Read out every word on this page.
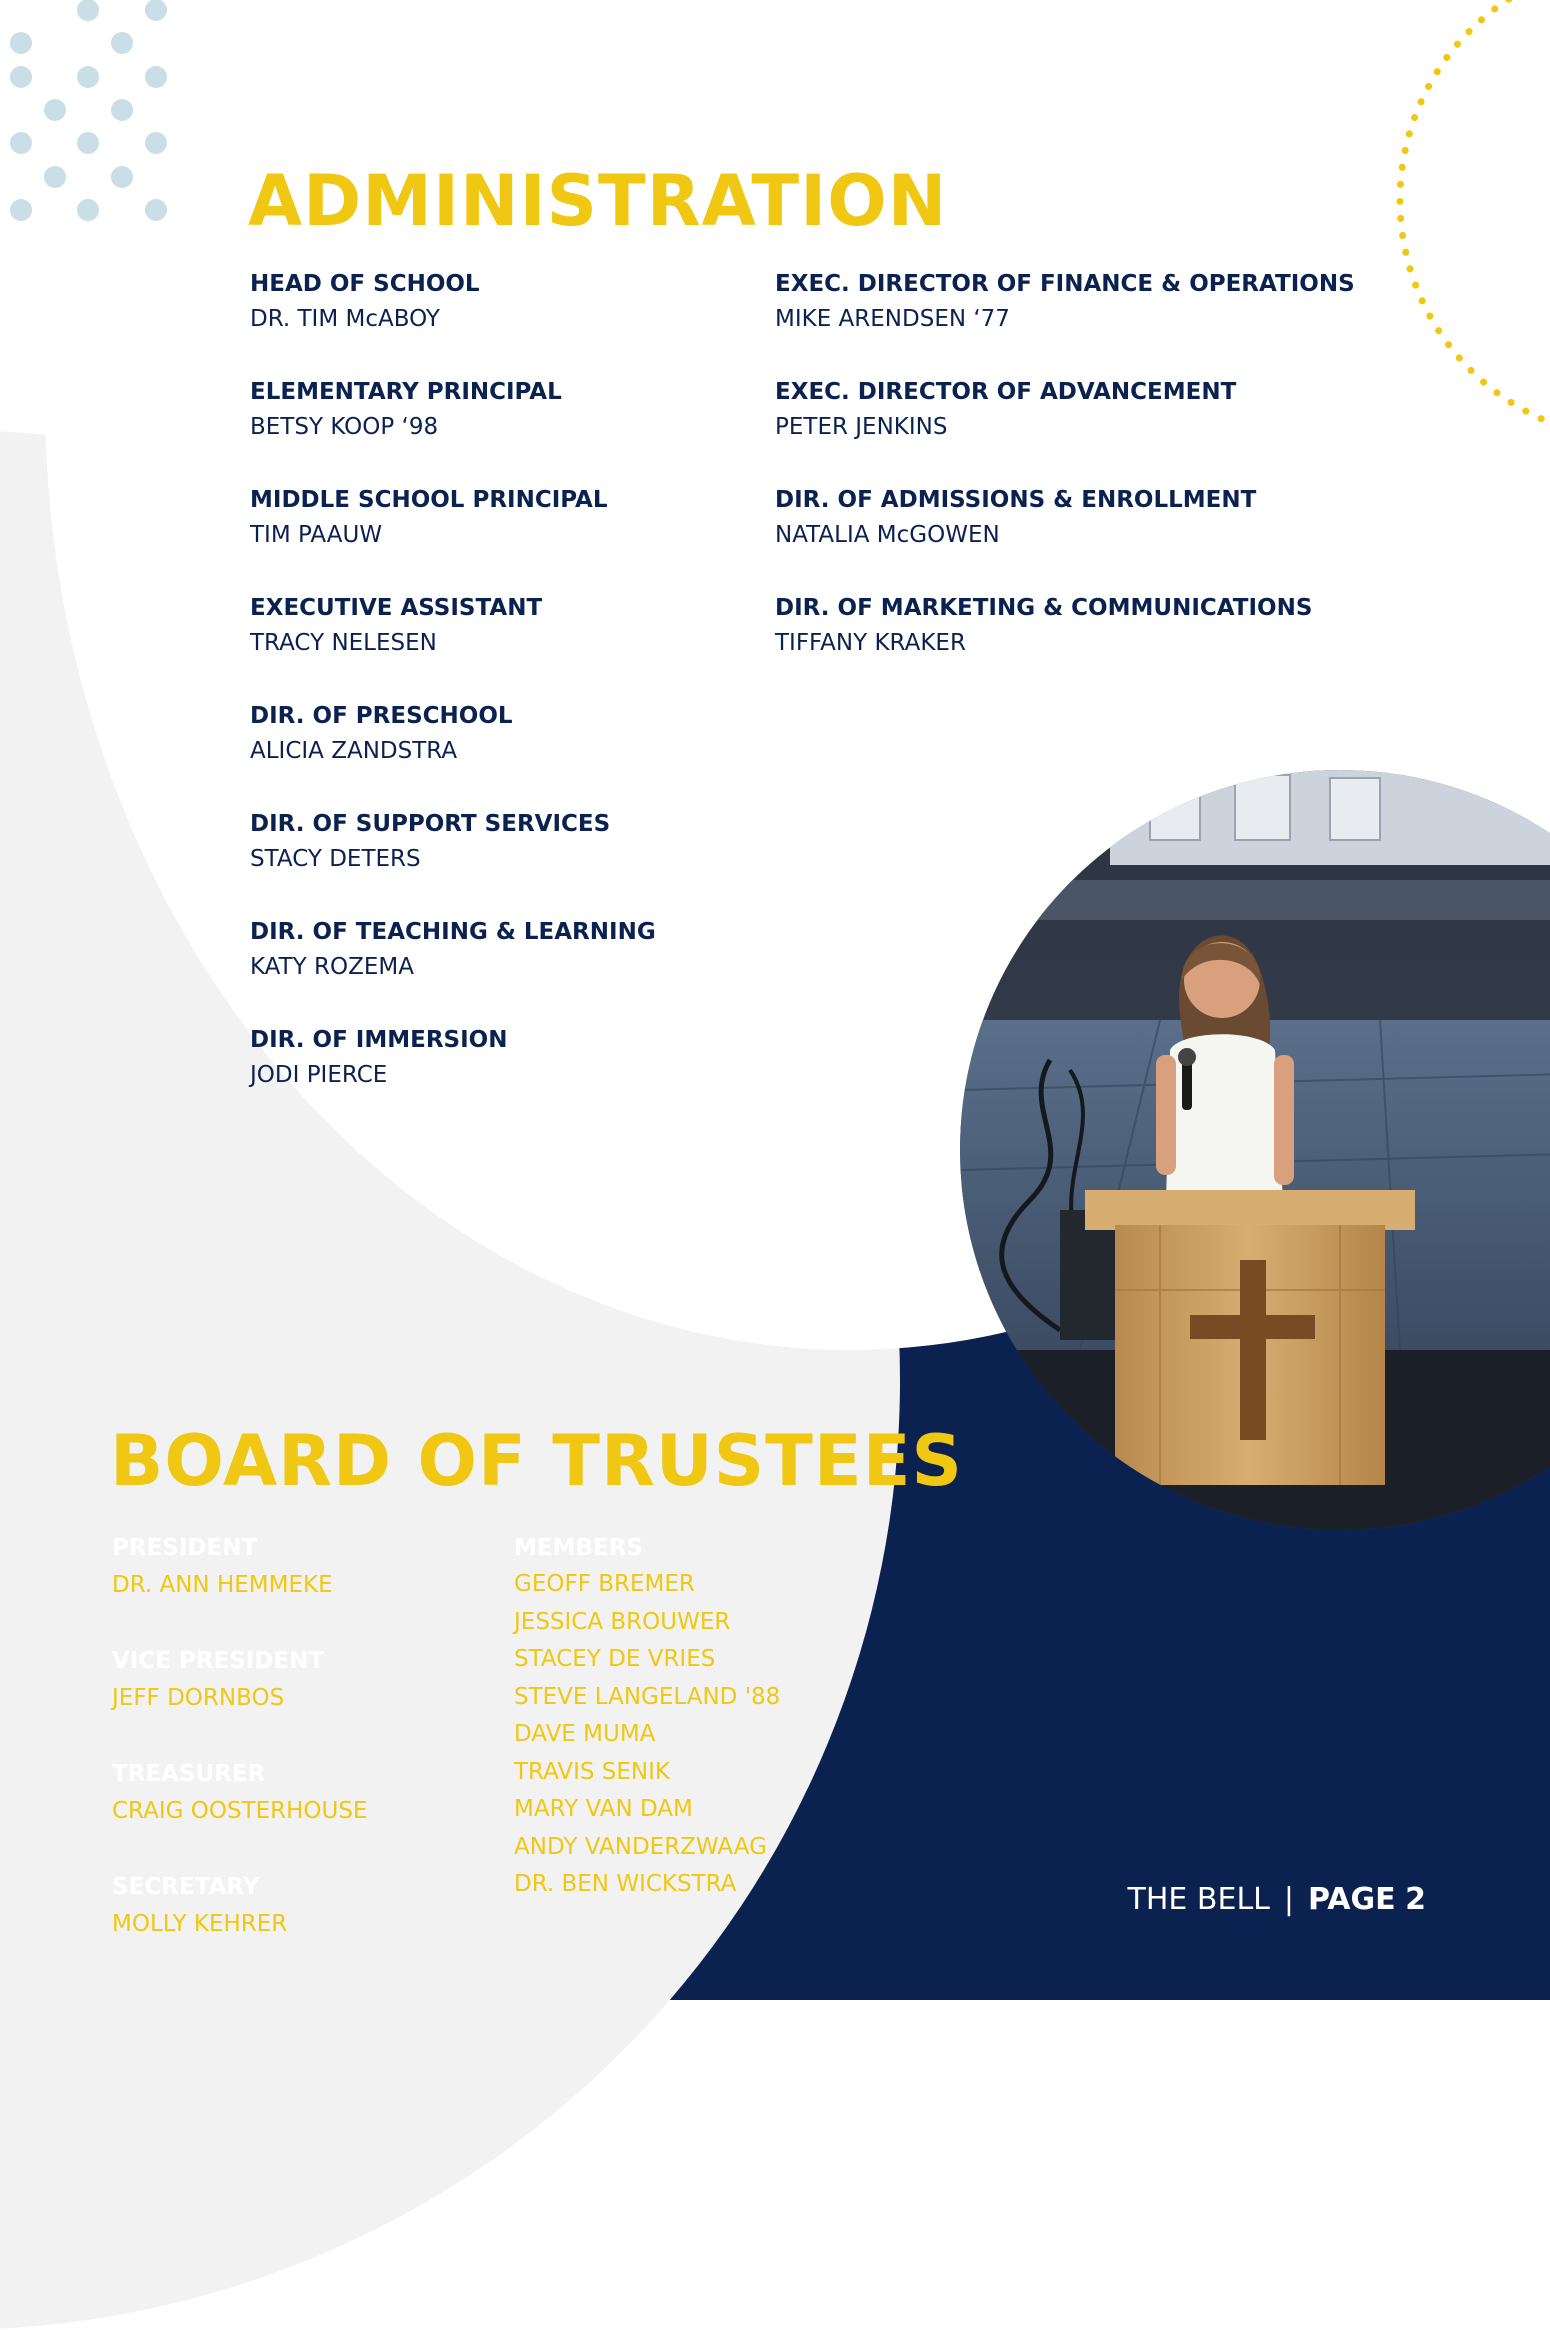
ADMINISTRATION
HEAD OF SCHOOL
DR. TIM McABOY
ELEMENTARY PRINCIPAL
BETSY KOOP ‘98
MIDDLE SCHOOL PRINCIPAL
TIM PAAUW
EXECUTIVE ASSISTANT
TRACY NELESEN
DIR. OF PRESCHOOL
ALICIA ZANDSTRA
DIR. OF SUPPORT SERVICES
STACY DETERS
DIR. OF TEACHING & LEARNING
KATY ROZEMA
DIR. OF IMMERSION
JODI PIERCE
EXEC. DIRECTOR OF FINANCE & OPERATIONS
MIKE ARENDSEN ‘77
EXEC. DIRECTOR OF ADVANCEMENT
PETER JENKINS
DIR. OF ADMISSIONS & ENROLLMENT
NATALIA McGOWEN
DIR. OF MARKETING & COMMUNICATIONS
TIFFANY KRAKER
BOARD OF TRUSTEES
PRESIDENT
DR. ANN HEMMEKE
VICE PRESIDENT
JEFF DORNBOS
TREASURER
CRAIG OOSTERHOUSE
SECRETARY
MOLLY KEHRER
MEMBERS
GEOFF BREMER
JESSICA BROUWER
STACEY DE VRIES
STEVE LANGELAND '88
DAVE MUMA
TRAVIS SENIK
MARY VAN DAM
ANDY VANDERZWAAG
DR. BEN WICKSTRA	THE BELL | PAGE 2
